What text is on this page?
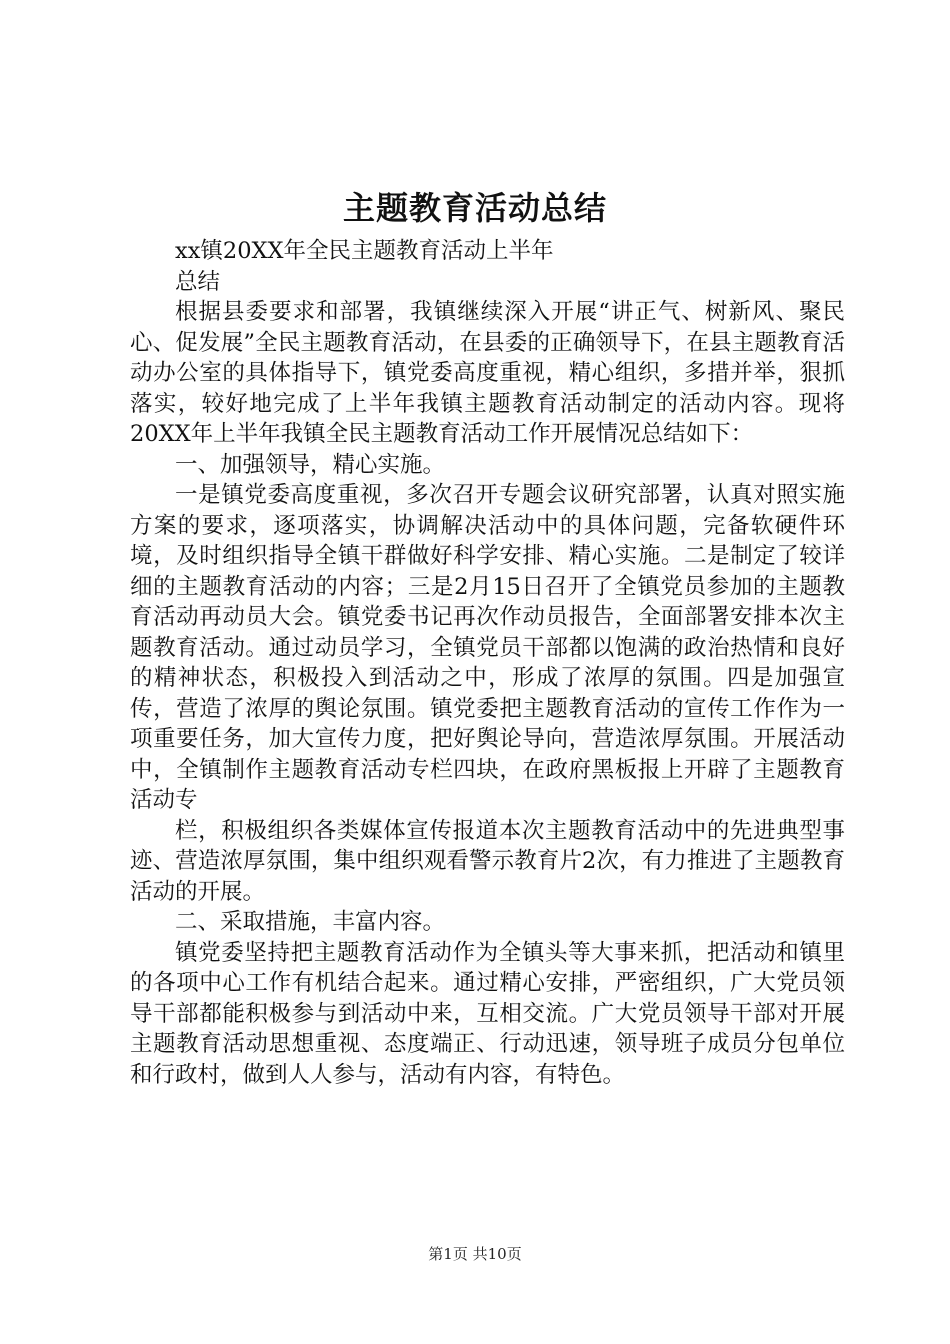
主题教育活动总结

xx镇20XX年全民主题教育活动上半年

总结

根据县委要求和部署，我镇继续深入开展“讲正气、树新风、聚民心、促发展”全民主题教育活动，在县委的正确领导下，在县主题教育活动办公室的具体指导下，镇党委高度重视，精心组织，多措并举，狠抓落实，较好地完成了上半年我镇主题教育活动制定的活动内容。现将20XX年上半年我镇全民主题教育活动工作开展情况总结如下：

一、加强领导，精心实施。

一是镇党委高度重视，多次召开专题会议研究部署，认真对照实施方案的要求，逐项落实，协调解决活动中的具体问题，完备软硬件环境，及时组织指导全镇干群做好科学安排、精心实施。二是制定了较详细的主题教育活动的内容；三是2月15日召开了全镇党员参加的主题教育活动再动员大会。镇党委书记再次作动员报告，全面部署安排本次主题教育活动。通过动员学习，全镇党员干部都以饱满的政治热情和良好的精神状态，积极投入到活动之中，形成了浓厚的氛围。四是加强宣传，营造了浓厚的舆论氛围。镇党委把主题教育活动的宣传工作作为一项重要任务，加大宣传力度，把好舆论导向，营造浓厚氛围。开展活动中，全镇制作主题教育活动专栏四块，在政府黑板报上开辟了主题教育活动专

栏，积极组织各类媒体宣传报道本次主题教育活动中的先进典型事迹、营造浓厚氛围，集中组织观看警示教育片2次，有力推进了主题教育活动的开展。

二、采取措施，丰富内容。

镇党委坚持把主题教育活动作为全镇头等大事来抓，把活动和镇里的各项中心工作有机结合起来。通过精心安排，严密组织，广大党员领导干部都能积极参与到活动中来，互相交流。广大党员领导干部对开展主题教育活动思想重视、态度端正、行动迅速，领导班子成员分包单位和行政村，做到人人参与，活动有内容，有特色。

第1页 共10页
